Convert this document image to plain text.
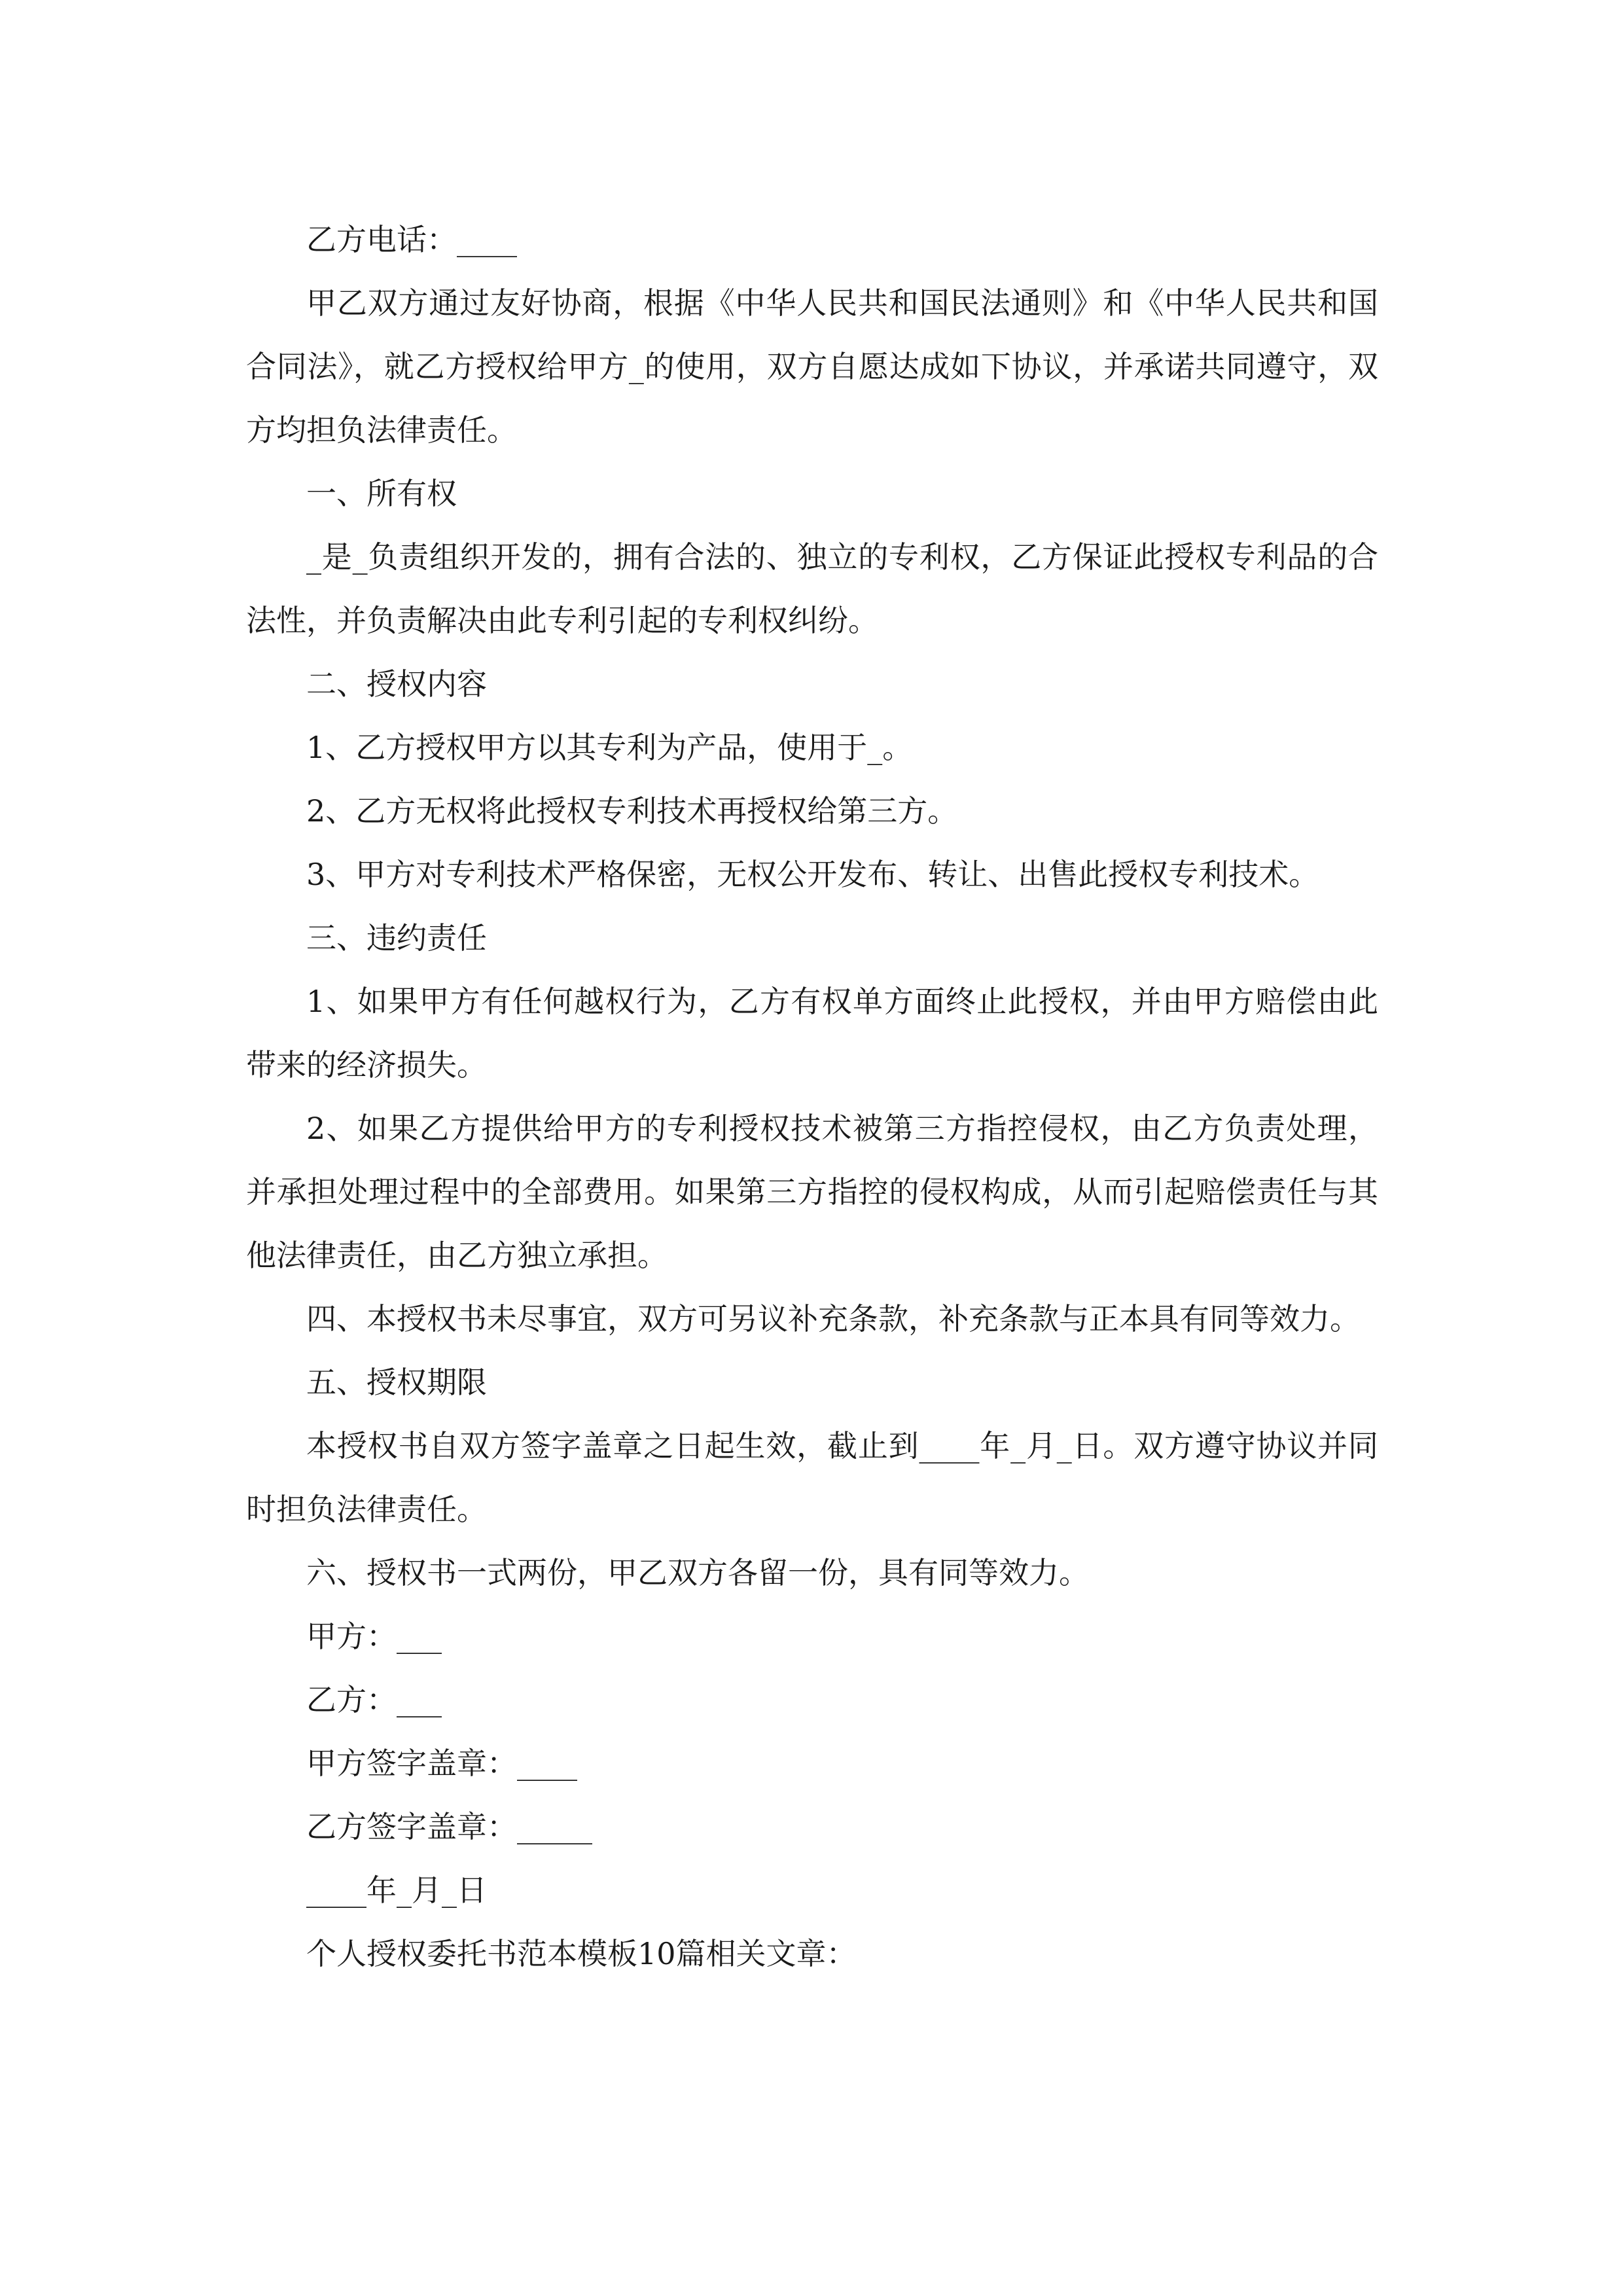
乙方电话：____

甲乙双方通过友好协商，根据《中华人民共和国民法通则》和《中华人民共和国合同法》，就乙方授权给甲方_的使用，双方自愿达成如下协议，并承诺共同遵守，双方均担负法律责任。

一、所有权

_是_负责组织开发的，拥有合法的、独立的专利权，乙方保证此授权专利品的合法性，并负责解决由此专利引起的专利权纠纷。

二、授权内容

1、乙方授权甲方以其专利为产品，使用于_。

2、乙方无权将此授权专利技术再授权给第三方。

3、甲方对专利技术严格保密，无权公开发布、转让、出售此授权专利技术。

三、违约责任

1、如果甲方有任何越权行为，乙方有权单方面终止此授权，并由甲方赔偿由此带来的经济损失。

2、如果乙方提供给甲方的专利授权技术被第三方指控侵权，由乙方负责处理，并承担处理过程中的全部费用。如果第三方指控的侵权构成，从而引起赔偿责任与其他法律责任，由乙方独立承担。

四、本授权书未尽事宜，双方可另议补充条款，补充条款与正本具有同等效力。

五、授权期限

本授权书自双方签字盖章之日起生效，截止到____年_月_日。双方遵守协议并同时担负法律责任。

六、授权书一式两份，甲乙双方各留一份，具有同等效力。

甲方：___

乙方：___

甲方签字盖章：____

乙方签字盖章：_____

____年_月_日

个人授权委托书范本模板10篇相关文章：
